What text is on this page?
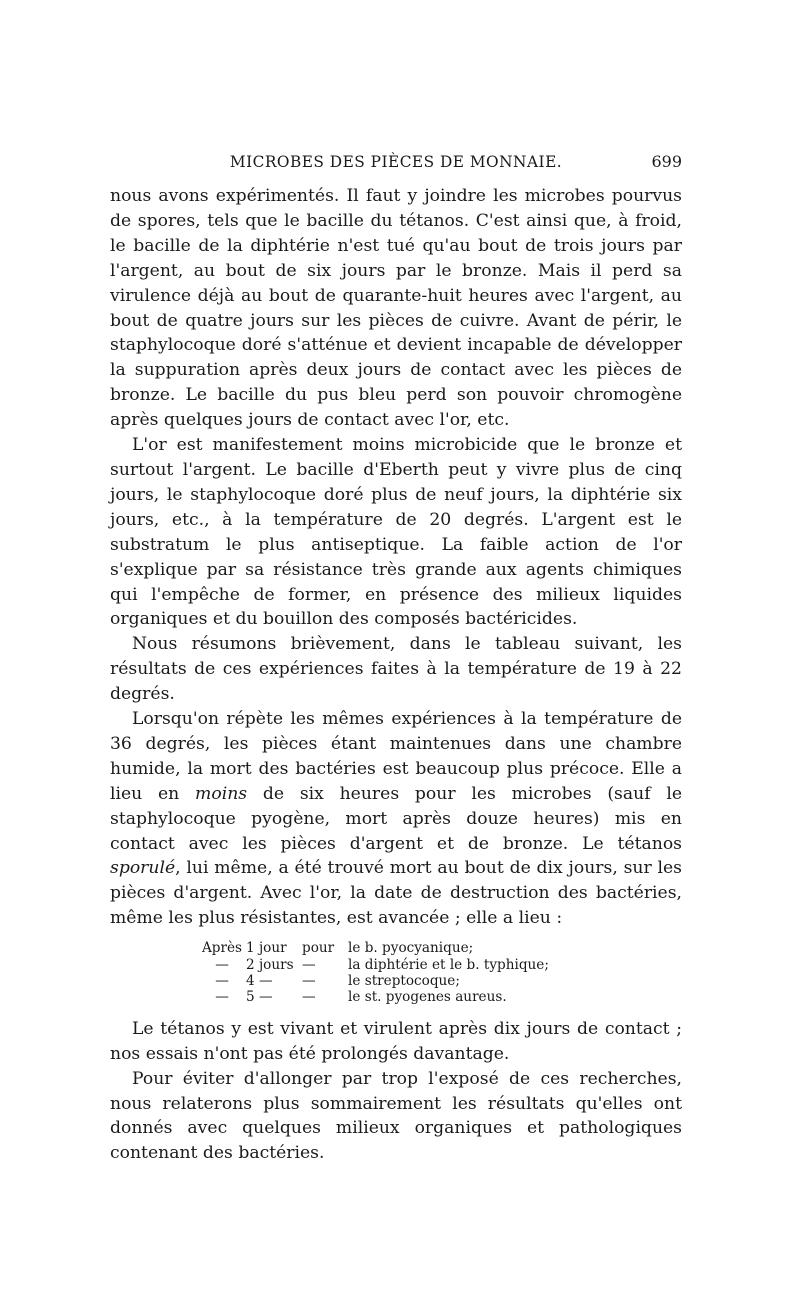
MICROBES DES PIÈCES DE MONNAIE.	699

nous avons expérimentés. Il faut y joindre les microbes pourvus de spores, tels que le bacille du tétanos. C'est ainsi que, à froid, le bacille de la diphtérie n'est tué qu'au bout de trois jours par l'argent, au bout de six jours par le bronze. Mais il perd sa virulence déjà au bout de quarante-huit heures avec l'argent, au bout de quatre jours sur les pièces de cuivre. Avant de périr, le staphylocoque doré s'atténue et devient incapable de développer la suppuration après deux jours de contact avec les pièces de bronze. Le bacille du pus bleu perd son pouvoir chromogène après quelques jours de contact avec l'or, etc.

L'or est manifestement moins microbicide que le bronze et surtout l'argent. Le bacille d'Eberth peut y vivre plus de cinq jours, le staphylocoque doré plus de neuf jours, la diphtérie six jours, etc., à la température de 20 degrés. L'argent est le substratum le plus antiseptique. La faible action de l'or s'explique par sa résistance très grande aux agents chimiques qui l'empêche de former, en présence des milieux liquides organiques et du bouillon des composés bactéricides.

Nous résumons brièvement, dans le tableau suivant, les résultats de ces expériences faites à la température de 19 à 22 degrés.

Lorsqu'on répète les mêmes expériences à la température de 36 degrés, les pièces étant maintenues dans une chambre humide, la mort des bactéries est beaucoup plus précoce. Elle a lieu en moins de six heures pour les microbes (sauf le staphylocoque pyogène, mort après douze heures) mis en contact avec les pièces d'argent et de bronze. Le tétanos sporulé, lui même, a été trouvé mort au bout de dix jours, sur les pièces d'argent. Avec l'or, la date de destruction des bactéries, même les plus résistantes, est avancée ; elle a lieu :

Après 1 jour	pour	le b. pyocyanique;
—	2 jours —	la diphtérie et le b. typhique;
—	4 —	—	le streptocoque;
—	5 —	—	le st. pyogenes aureus.

Le tétanos y est vivant et virulent après dix jours de contact ; nos essais n'ont pas été prolongés davantage.

Pour éviter d'allonger par trop l'exposé de ces recherches, nous relaterons plus sommairement les résultats qu'elles ont donnés avec quelques milieux organiques et pathologiques contenant des bactéries.
